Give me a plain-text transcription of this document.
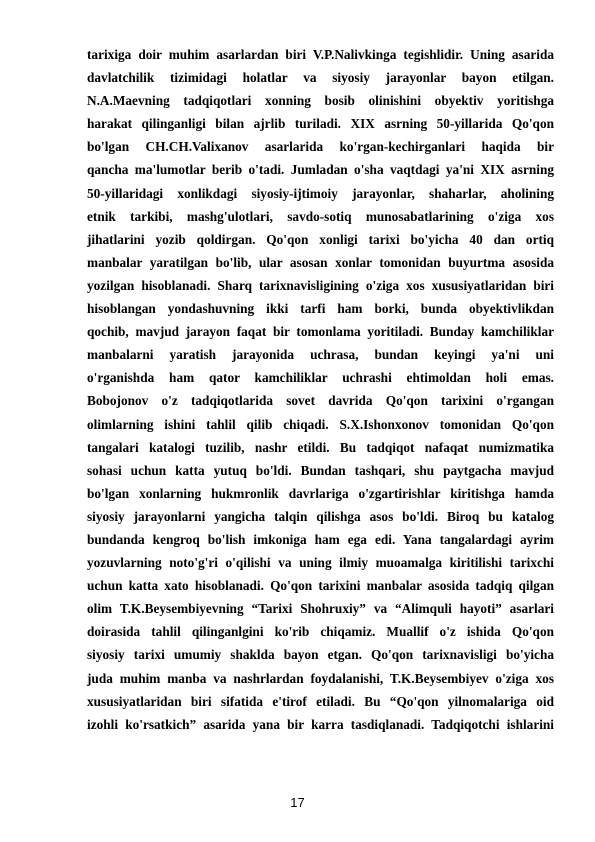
tarixiga doir muhim asarlardan biri V.P.Nalivkinga tegishlidir. Uning asarida
davlatchilik tizimidagi holatlar va siyosiy jarayonlar bayon etilgan.
N.A.Maevning tadqiqotlari xonning bosib olinishini obyektiv yoritishga
harakat qilinganligi bilan ajrlib turiladi. XIX asrning 50-yillarida Qo'qon
bo'lgan CH.CH.Valixanov asarlarida ko'rgan-kechirganlari haqida bir
qancha ma'lumotlar berib o'tadi. Jumladan o'sha vaqtdagi ya'ni XIX asrning
50-yillaridagi xonlikdagi siyosiy-ijtimoiy jarayonlar, shaharlar, aholining
etnik tarkibi, mashg'ulotlari, savdo-sotiq munosabatlarining o'ziga xos
jihatlarini yozib qoldirgan. Qo'qon xonligi tarixi bo'yicha 40 dan ortiq
manbalar yaratilgan bo'lib, ular asosan xonlar tomonidan buyurtma asosida
yozilgan hisoblanadi. Sharq tarixnavisligining o'ziga xos xususiyatlaridan biri
hisoblangan yondashuvning ikki tarfi ham borki, bunda obyektivlikdan
qochib, mavjud jarayon faqat bir tomonlama yoritiladi. Bunday kamchiliklar
manbalarni yaratish jarayonida uchrasa, bundan keyingi ya'ni uni
o'rganishda ham qator kamchiliklar uchrashi ehtimoldan holi emas.
Bobojonov o'z tadqiqotlarida sovet davrida Qo'qon tarixini o'rgangan
olimlarning ishini tahlil qilib chiqadi. S.X.Ishonxonov tomonidan Qo'qon
tangalari katalogi tuzilib, nashr etildi. Bu tadqiqot nafaqat numizmatika
sohasi uchun katta yutuq bo'ldi. Bundan tashqari, shu paytgacha mavjud
bo'lgan xonlarning hukmronlik davrlariga o'zgartirishlar kiritishga hamda
siyosiy jarayonlarni yangicha talqin qilishga asos bo'ldi. Biroq bu katalog
bundanda kengroq bo'lish imkoniga ham ega edi. Yana tangalardagi ayrim
yozuvlarning noto'g'ri o'qilishi va uning ilmiy muoamalga kiritilishi tarixchi
uchun katta xato hisoblanadi. Qo'qon tarixini manbalar asosida tadqiq qilgan
olim T.K.Beysembiyevning “Tarixi Shohruxiy” va “Alimquli hayoti” asarlari
doirasida tahlil qilinganlgini ko'rib chiqamiz. Muallif o'z ishida Qo'qon
siyosiy tarixi umumiy shaklda bayon etgan. Qo'qon tarixnavisligi bo'yicha
juda muhim manba va nashrlardan foydalanishi, T.K.Beysembiyev o'ziga xos
xususiyatlaridan biri sifatida e'tirof etiladi. Bu “Qo'qon yilnomalariga oid
izohli ko'rsatkich” asarida yana bir karra tasdiqlanadi. Tadqiqotchi ishlarini
17
